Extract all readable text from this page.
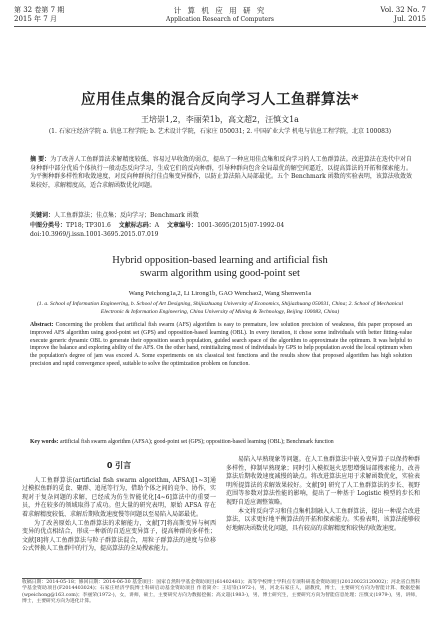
第 32 卷第 7 期
2015 年 7 月
计 算 机 应 用 研 究
Application Research of Computers
Vol. 32 No. 7
Jul. 2015
应用佳点集的混合反向学习人工鱼群算法*
王培崇1,2，李丽荣1b，高文超2，汪慎文1a
(1. 石家庄经济学院 a. 信息工程学院; b. 艺术设计学院，石家庄 050031; 2. 中国矿业大学 机电与信息工程学院，北京 100083)
摘 要：为了改善人工鱼群算法求解精度较低、容易过早收敛的弱点，提出了一种应用佳点集和反向学习的人工鱼群算法。改进算法在迭代中对自身种群中部分优质个体执行一般动态反向学习，生成它们的反向种群，引导种群向包含全局最优的解空间逼近，以提高算法的开拓和探索能力。为平衡种群多样性和收敛速度，对反向种群执行佳点集变异操作，以防止算法陷入局部最优。五个 Benchmark 函数的实验表明，该算法收敛效果较好，求解精度高，适合求解函数优化问题。
关键词：人工鱼群算法；佳点集；反向学习；Benchmark 函数
中图分类号：TP18; TP301.6 文献标志码：A 文章编号：1001-3695(2015)07-1992-04
doi:10.3969/j.issn.1001-3695.2015.07.019
Hybrid opposition-based learning and artificial fish
swarm algorithm using good-point set
Wang Peichong1a,2, Li Lirong1b, GAO Wenchao2, Wang Shenwen1a
(1. a. School of Information Engineering, b. School of Art Designing, Shijiazhuang University of Economics, Shijiazhuang 050031, China; 2. School of Mechanical Electronic & Information Engineering, China University of Mining & Technology, Beijing 100083, China)
Abstract: Concerning the problem that artificial fish swarm (AFS) algorithm is easy to premature, low solution precision of weakness, this paper proposed an improved AFS algorithm using good-point set (GPS) and opposition-based learning (OBL). In every iteration, it chose some individuals with better fitting-value execute generic dynamic OBL to generate their opposition search population, guided search space of the algorithm to approximate the optimum. It was helpful to improve the balance and exploring ability of the AFS. On the other hand, reinitializing most of individuals by GPS to help population avoid the local optimum when the population's degree of jam was exceed A. Some experiments on six classical test functions and the results show that proposed algorithm has high solution precision and rapid convergence speed, suitable to solve the optimization problem on function.
Key words: artificial fish swarm algorithm (AFSA); good-point set (GPS); opposition-based learning (OBL); Benchmark function
0 引言

人工鱼群算法(artificial fish swarm algorithm, AFSA)[1~3]通过模拟鱼群的觅食、聚群、追尾等行为，借助个体之间的竞争、协作，实现对于复杂问题的求解，已经成为仿生智能优化[4~6]算法中的重要一员，并在较多的领域取得了成功。但大量的研究表明，原始 AFSA 存在着求解精度较低、求解后期收敛速度慢等问题以至易陷入局部最优。

为了改善原始人工鱼群算法的求解能力，文献[7]将高斯变异与柯西变异的优点相结合，形成一种新的自适应变异算子，提高种群的多样性；文献[8]将人工鱼群算法与粒子群算法混合，用粒子群算法的速度与位移公式替换人工鱼群中的行为，提高算法的全局搜索能力。

易陷入早熟现象等问题。在人工鱼群算法中嵌入变异算子以保持种群多样性，抑制早熟现象；同时引入模拟退火思想增强局部搜索能力，改善算法后期收敛速度减慢的缺点。将改进算法应用于求解函数优化，实验表明所提算法的求解效果较好。文献[9] 研究了人工鱼群算法的步长、视野范围等参数对算法性能的影响，提出了一种基于 Logistic 模型的步长和视野自适应调整策略。

本文将反向学习和佳点集机制融入人工鱼群算法，提出一种混合改进算法，以求更好地平衡算法的开拓和探索能力。实验表明，该算法能够较好地解决函数优化问题，具有较高的求解精度和较快的收敛速度。

收稿日期：2014-05-18；修回日期：2014-06-30 基金项目：国家自然科学基金资助项目(61402481)；高等学校博士学科点专项科研基金资助项目(20120023120002)；河北省自然科学基金资助项目(F2014403024)；石家庄经济学院博士科研启动基金资助项目 作者简介：王培崇(1972-)，男，河北石家庄人，副教授，博士，主要研究方向为智能计算、数据挖掘(wpeichong@163.com)；李丽荣(1972-)，女，讲师，硕士，主要研究方向为数据挖掘；高文超(1983-)，男，博士研究生，主要研究方向为智能信息处理；汪慎文(1979-)，男，讲师，博士，主要研究方向为进化计算。
